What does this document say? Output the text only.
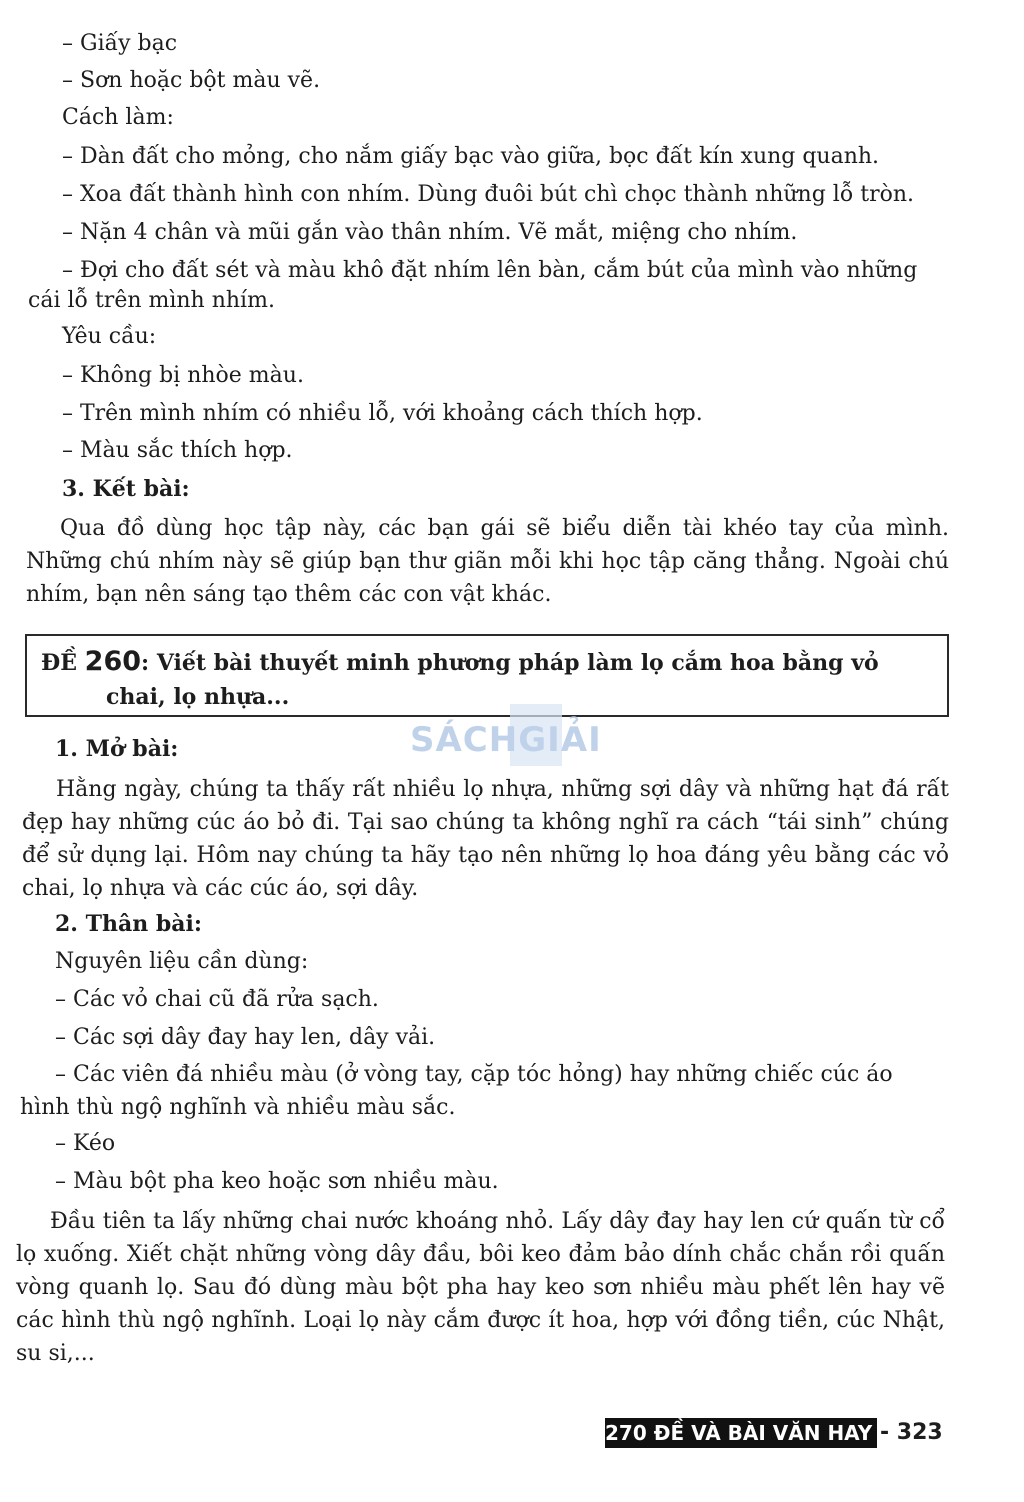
– Giấy bạc
– Sơn hoặc bột màu vẽ.
Cách làm:
– Dàn đất cho mỏng, cho nắm giấy bạc vào giữa, bọc đất kín xung quanh.
– Xoa đất thành hình con nhím. Dùng đuôi bút chì chọc thành những lỗ tròn.
– Nặn 4 chân và mũi gắn vào thân nhím. Vẽ mắt, miệng cho nhím.
– Đợi cho đất sét và màu khô đặt nhím lên bàn, cắm bút của mình vào những
cái lỗ trên mình nhím.
Yêu cầu:
– Không bị nhòe màu.
– Trên mình nhím có nhiều lỗ, với khoảng cách thích hợp.
– Màu sắc thích hợp.
3. Kết bài:
Qua đồ dùng học tập này, các bạn gái sẽ biểu diễn tài khéo tay của mình. Những chú nhím này sẽ giúp bạn thư giãn mỗi khi học tập căng thẳng. Ngoài chú nhím, bạn nên sáng tạo thêm các con vật khác.
ĐỀ 260: Viết bài thuyết minh phương pháp làm lọ cắm hoa bằng vỏ
chai, lọ nhựa...
SÁCHGIẢI
1. Mở bài:
Hằng ngày, chúng ta thấy rất nhiều lọ nhựa, những sợi dây và những hạt đá rất đẹp hay những cúc áo bỏ đi. Tại sao chúng ta không nghĩ ra cách “tái sinh” chúng để sử dụng lại. Hôm nay chúng ta hãy tạo nên những lọ hoa đáng yêu bằng các vỏ chai, lọ nhựa và các cúc áo, sợi dây.
2. Thân bài:
Nguyên liệu cần dùng:
– Các vỏ chai cũ đã rửa sạch.
– Các sợi dây đay hay len, dây vải.
– Các viên đá nhiều màu (ở vòng tay, cặp tóc hỏng) hay những chiếc cúc áo
hình thù ngộ nghĩnh và nhiều màu sắc.
– Kéo
– Màu bột pha keo hoặc sơn nhiều màu.
Đầu tiên ta lấy những chai nước khoáng nhỏ. Lấy dây đay hay len cứ quấn từ cổ lọ xuống. Xiết chặt những vòng dây đầu, bôi keo đảm bảo dính chắc chắn rồi quấn vòng quanh lọ. Sau đó dùng màu bột pha hay keo sơn nhiều màu phết lên hay vẽ các hình thù ngộ nghĩnh. Loại lọ này cắm được ít hoa, hợp với đồng tiền, cúc Nhật, su si,...
270 ĐỀ VÀ BÀI VĂN HAY 8
- 323
